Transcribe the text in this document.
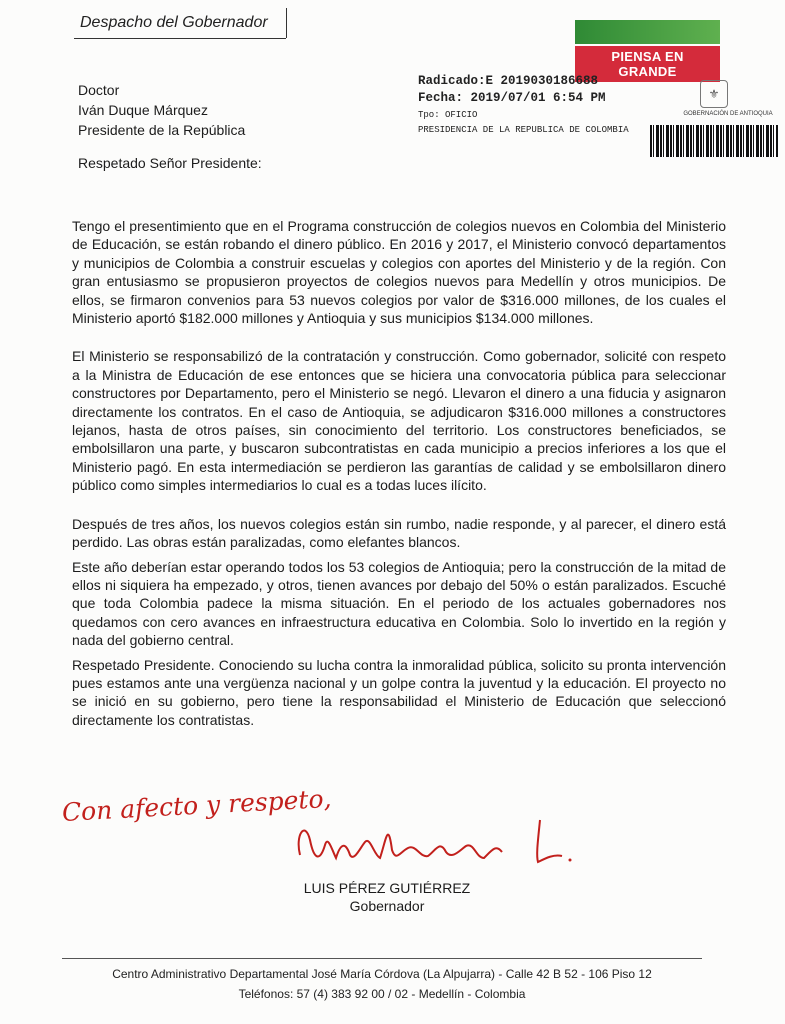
Despacho del Gobernador
PIENSA EN GRANDE
⚜
GOBERNACIÓN DE ANTIOQUIA
Radicado:E 2019030186688
Fecha: 2019/07/01 6:54 PM
Tpo: OFICIO
PRESIDENCIA DE LA REPUBLICA DE COLOMBIA
Doctor
Iván Duque Márquez
Presidente de la República
Respetado Señor Presidente:

Tengo el presentimiento que en el Programa construcción de colegios nuevos en Colombia del Ministerio de Educación, se están robando el dinero público. En 2016 y 2017, el Ministerio convocó departamentos y municipios de Colombia a construir escuelas y colegios con aportes del Ministerio y de la región. Con gran entusiasmo se propusieron proyectos de colegios nuevos para Medellín y otros municipios. De ellos, se firmaron convenios para 53 nuevos colegios por valor de $316.000 millones, de los cuales el Ministerio aportó $182.000 millones y Antioquia y sus municipios $134.000 millones.

El Ministerio se responsabilizó de la contratación y construcción. Como gobernador, solicité con respeto a la Ministra de Educación de ese entonces que se hiciera una convocatoria pública para seleccionar constructores por Departamento, pero el Ministerio se negó. Llevaron el dinero a una fiducia y asignaron directamente los contratos. En el caso de Antioquia, se adjudicaron $316.000 millones a constructores lejanos, hasta de otros países, sin conocimiento del territorio. Los constructores beneficiados, se embolsillaron una parte, y buscaron subcontratistas en cada municipio a precios inferiores a los que el Ministerio pagó. En esta intermediación se perdieron las garantías de calidad y se embolsillaron dinero público como simples intermediarios lo cual es a todas luces ilícito.

Después de tres años, los nuevos colegios están sin rumbo, nadie responde, y al parecer, el dinero está perdido. Las obras están paralizadas, como elefantes blancos.

Este año deberían estar operando todos los 53 colegios de Antioquia; pero la construcción de la mitad de ellos ni siquiera ha empezado, y otros, tienen avances por debajo del 50% o están paralizados. Escuché que toda Colombia padece la misma situación. En el periodo de los actuales gobernadores nos quedamos con cero avances en infraestructura educativa en Colombia. Solo lo invertido en la región y nada del gobierno central.

Respetado Presidente. Conociendo su lucha contra la inmoralidad pública, solicito su pronta intervención pues estamos ante una vergüenza nacional y un golpe contra la juventud y la educación. El proyecto no se inició en su gobierno, pero tiene la responsabilidad el Ministerio de Educación que seleccionó directamente los contratistas.

Con afecto y respeto,
LUIS PÉREZ GUTIÉRREZ
Gobernador
Centro Administrativo Departamental José María Córdova (La Alpujarra) - Calle 42 B 52 - 106 Piso 12
Teléfonos: 57 (4) 383 92 00 / 02 - Medellín - Colombia
